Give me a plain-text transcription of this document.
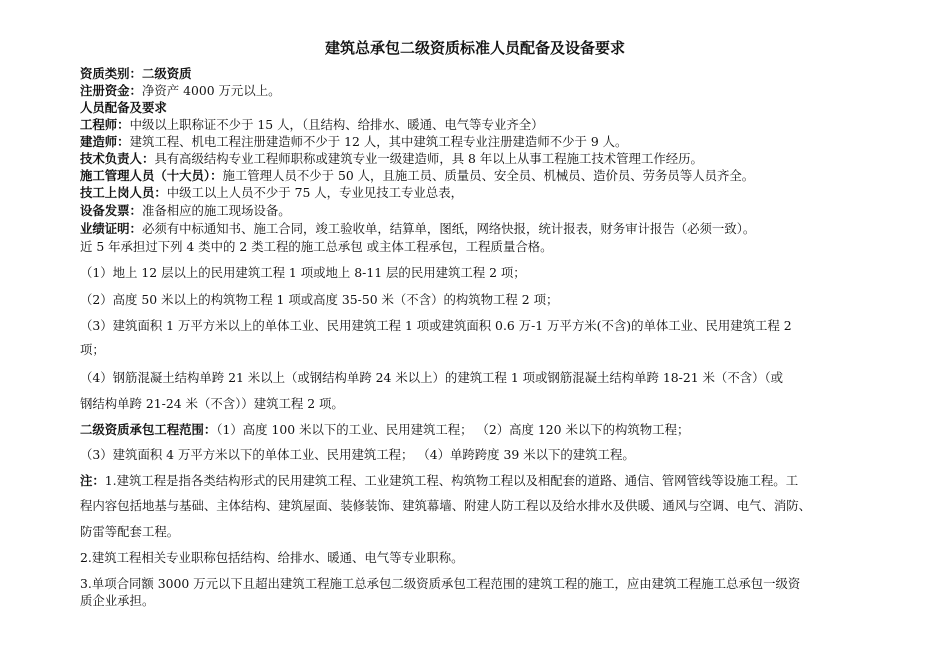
建筑总承包二级资质标准人员配备及设备要求
资质类别：二级资质
注册资金：净资产 4000 万元以上。
人员配备及要求
工程师：中级以上职称证不少于 15 人，（且结构、给排水、暖通、电气等专业齐全）
建造师：建筑工程、机电工程注册建造师不少于 12 人，其中建筑工程专业注册建造师不少于 9 人。
技术负责人：具有高级结构专业工程师职称或建筑专业一级建造师，具 8 年以上从事工程施工技术管理工作经历。
施工管理人员（十大员）：施工管理人员不少于 50 人，且施工员、质量员、安全员、机械员、造价员、劳务员等人员齐全。
技工上岗人员：中级工以上人员不少于 75 人，专业见技工专业总表，
设备发票：准备相应的施工现场设备。
业绩证明：必须有中标通知书、施工合同，竣工验收单，结算单，图纸，网络快报，统计报表，财务审计报告（必须一致）。
近 5 年承担过下列 4 类中的 2 类工程的施工总承包 或主体工程承包，工程质量合格。
（1）地上 12 层以上的民用建筑工程 1 项或地上 8-11 层的民用建筑工程 2 项；
（2）高度 50 米以上的构筑物工程 1 项或高度 35-50 米（不含）的构筑物工程 2 项；
（3）建筑面积 1 万平方米以上的单体工业、民用建筑工程 1 项或建筑面积 0.6 万-1 万平方米(不含)的单体工业、民用建筑工程 2
项；
（4）钢筋混凝土结构单跨 21 米以上（或钢结构单跨 24 米以上）的建筑工程 1 项或钢筋混凝土结构单跨 18-21 米（不含）（或
钢结构单跨 21-24 米（不含））建筑工程 2 项。
二级资质承包工程范围：（1）高度 100 米以下的工业、民用建筑工程； （2）高度 120 米以下的构筑物工程；
（3）建筑面积 4 万平方米以下的单体工业、民用建筑工程； （4）单跨跨度 39 米以下的建筑工程。
注：1.建筑工程是指各类结构形式的民用建筑工程、工业建筑工程、构筑物工程以及相配套的道路、通信、管网管线等设施工程。工
程内容包括地基与基础、主体结构、建筑屋面、装修装饰、建筑幕墙、附建人防工程以及给水排水及供暖、通风与空调、电气、消防、
防雷等配套工程。
2.建筑工程相关专业职称包括结构、给排水、暖通、电气等专业职称。
3.单项合同额 3000 万元以下且超出建筑工程施工总承包二级资质承包工程范围的建筑工程的施工，应由建筑工程施工总承包一级资
质企业承担。
